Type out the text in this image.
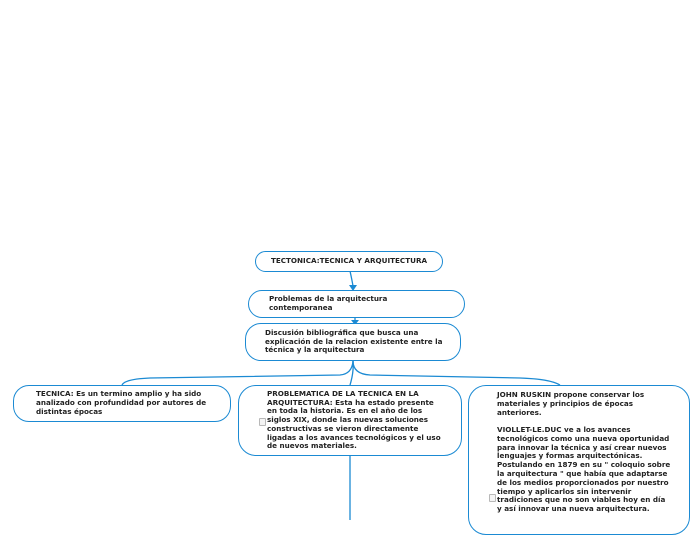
TECTONICA:TECNICA Y ARQUITECTURA
Problemas de la arquitectura contemporanea
Discusión bibliográfica que busca una explicación de la relacion existente entre la técnica y la arquitectura
TECNICA: Es un termino amplio y ha sido analizado con profundidad por autores de distintas épocas
PROBLEMATICA DE LA TECNICA EN LA ARQUITECTURA: Esta ha estado presente en toda la historia. Es en el año de los siglos XIX, donde las nuevas soluciones constructivas se vieron directamente ligadas a los avances tecnológicos y el uso de nuevos materiales.
JOHN RUSKIN propone conservar los materiales y principios de épocas anteriores.

VIOLLET-LE.DUC ve a los avances tecnológicos como una nueva oportunidad para innovar la técnica y así crear nuevos lenguajes y formas arquitectónicas. Postulando en 1879 en su " coloquio sobre la arquitectura " que había que adaptarse de los medios proporcionados por nuestro tiempo y aplicarlos sin intervenir tradiciones que no son viables hoy en día y así innovar una nueva arquitectura.
